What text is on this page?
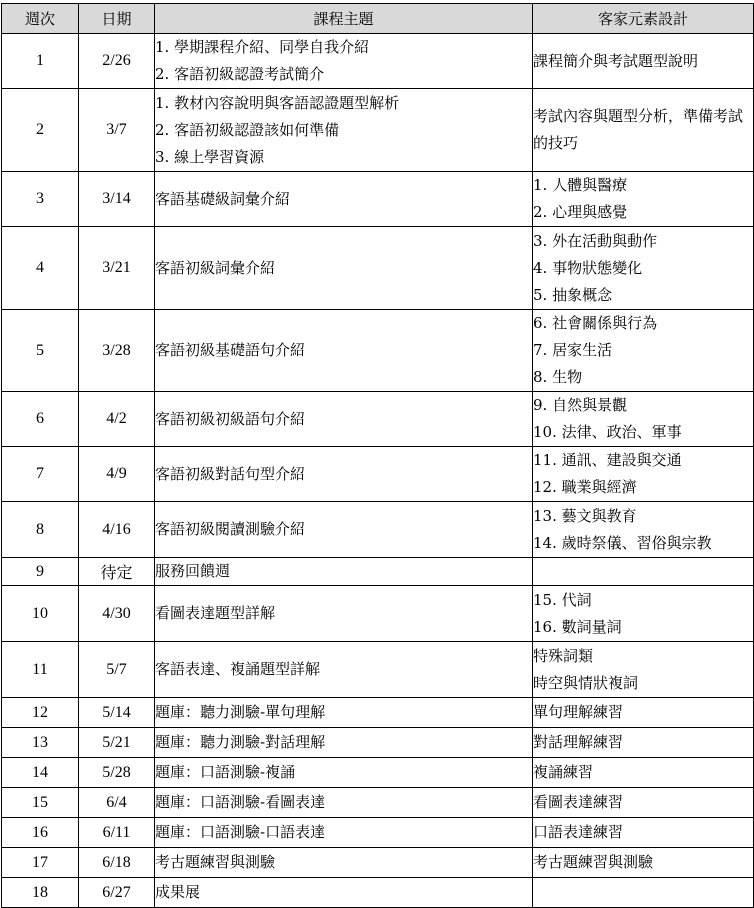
週次	日期	課程主題	客家元素設計
1	2/26	1. 學期課程介紹、同學自我介紹
2. 客語初級認證考試簡介	課程簡介與考試題型說明

2	3/7	1. 教材內容說明與客語認證題型解析
2. 客語初級認證該如何準備
3. 線上學習資源	考試內容與題型分析，準備考試的技巧

3	3/14	客語基礎級詞彙介紹	1. 人體與醫療
2. 心理與感覺

4	3/21	客語初級詞彙介紹	3. 外在活動與動作
4. 事物狀態變化
5. 抽象概念

5	3/28	客語初級基礎語句介紹	6. 社會關係與行為
7. 居家生活
8. 生物

6	4/2	客語初級初級語句介紹	9. 自然與景觀
10. 法律、政治、軍事

7	4/9	客語初級對話句型介紹	11. 通訊、建設與交通
12. 職業與經濟

8	4/16	客語初級閱讀測驗介紹	13. 藝文與教育
14. 歲時祭儀、習俗與宗教

9	待定	服務回饋週	

10	4/30	看圖表達題型詳解	15. 代詞
16. 數詞量詞

11	5/7	客語表達、複誦題型詳解	特殊詞類
時空與情狀複詞

12	5/14	題庫：聽力測驗-單句理解	單句理解練習

13	5/21	題庫：聽力測驗-對話理解	對話理解練習

14	5/28	題庫：口語測驗-複誦	複誦練習

15	6/4	題庫：口語測驗-看圖表達	看圖表達練習

16	6/11	題庫：口語測驗-口語表達	口語表達練習

17	6/18	考古題練習與測驗	考古題練習與測驗

18	6/27	成果展	
